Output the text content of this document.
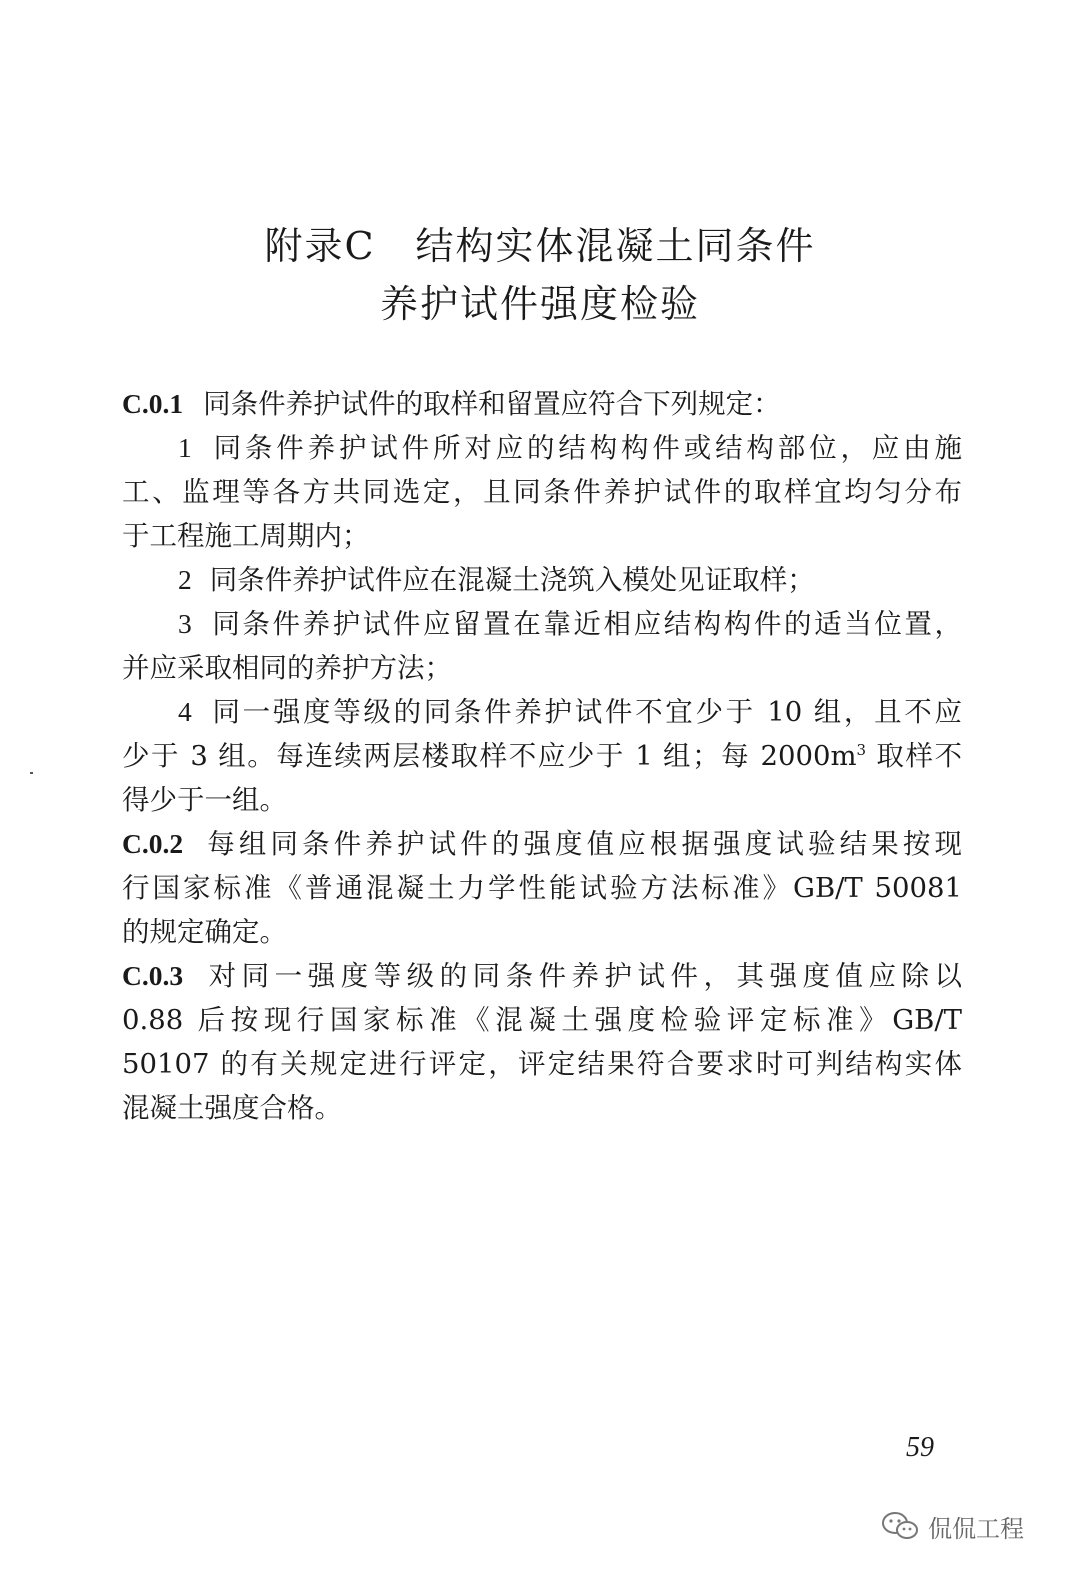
附录C　结构实体混凝土同条件
养护试件强度检验
C.0.1 同条件养护试件的取样和留置应符合下列规定：
1 同条件养护试件所对应的结构构件或结构部位，应由施
工、监理等各方共同选定，且同条件养护试件的取样宜均匀分布
于工程施工周期内；
2 同条件养护试件应在混凝土浇筑入模处见证取样；
3 同条件养护试件应留置在靠近相应结构构件的适当位置，
并应采取相同的养护方法；
4 同一强度等级的同条件养护试件不宜少于 10 组，且不应
少于 3 组。每连续两层楼取样不应少于 1 组；每 $2000m^3$ 取样不
得少于一组。
C.0.2 每组同条件养护试件的强度值应根据强度试验结果按现
行国家标准《普通混凝土力学性能试验方法标准》GB/T 50081
的规定确定。
C.0.3 对同一强度等级的同条件养护试件，其强度值应除以
0.88 后按现行国家标准《混凝土强度检验评定标准》GB/T
50107 的有关规定进行评定，评定结果符合要求时可判结构实体
混凝土强度合格。
59
侃侃工程
